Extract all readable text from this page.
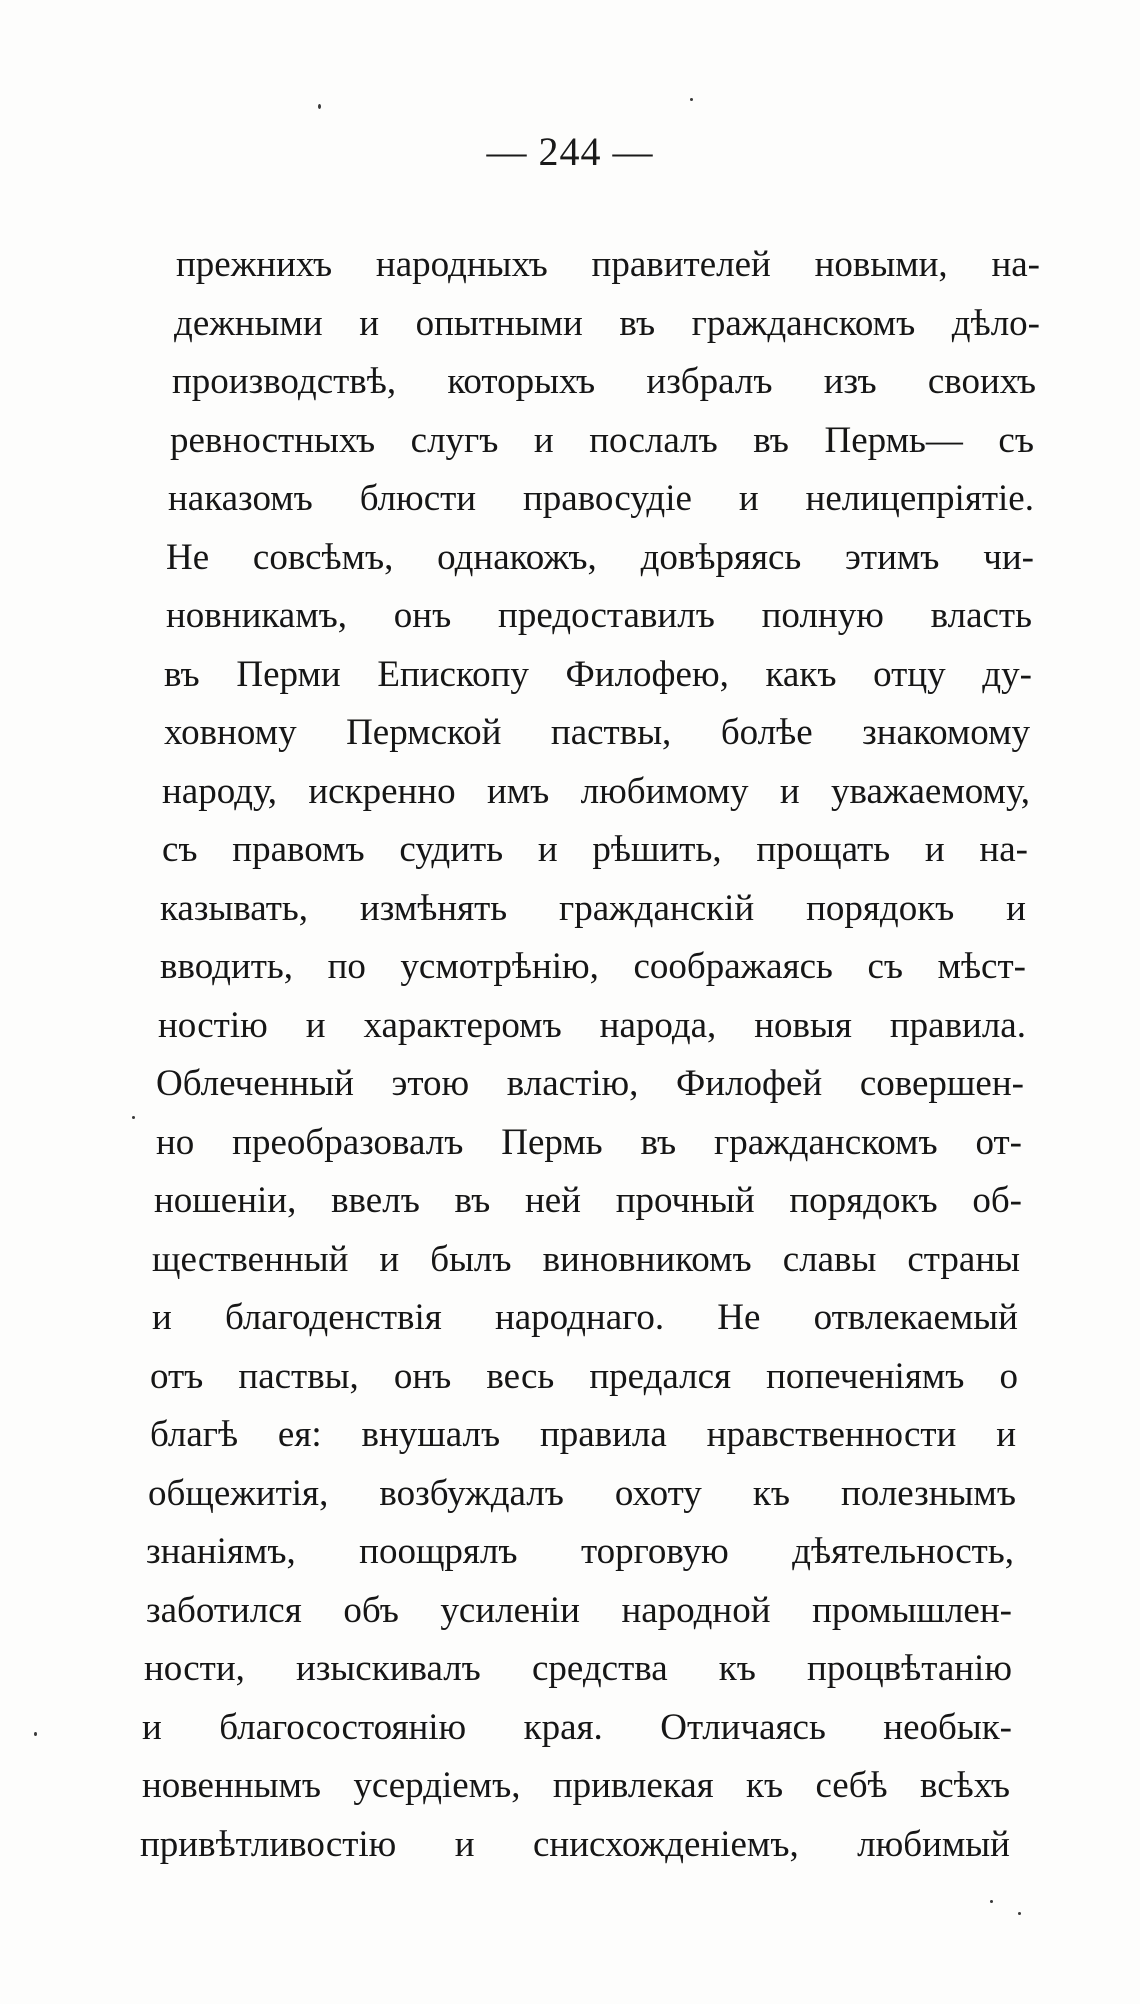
— 244 —
прежнихъ народныхъ правителей новыми, на-
дежными и опытными въ гражданскомъ дѣло-
производствѣ, которыхъ избралъ изъ своихъ
ревностныхъ слугъ и послалъ въ Пермь— съ
наказомъ блюсти правосудіе и нелицепріятіе.
Не совсѣмъ, однакожъ, довѣряясь этимъ чи-
новникамъ, онъ предоставилъ полную власть
въ Перми Епископу Филофею, какъ отцу ду-
ховному Пермской паствы, болѣе знакомому
народу, искренно имъ любимому и уважаемому,
съ правомъ судить и рѣшить, прощать и на-
казывать, измѣнять гражданскій порядокъ и
вводить, по усмотрѣнію, соображаясь съ мѣст-
ностію и характеромъ народа, новыя правила.
Облеченный этою властію, Филофей совершен-
но преобразовалъ Пермь въ гражданскомъ от-
ношеніи, ввелъ въ ней прочный порядокъ об-
щественный и былъ виновникомъ славы страны
и благоденствія народнаго. Не отвлекаемый
отъ паствы, онъ весь предался попеченіямъ о
благѣ ея: внушалъ правила нравственности и
общежитія, возбуждалъ охоту къ полезнымъ
знаніямъ, поощрялъ торговую дѣятельность,
заботился объ усиленіи народной промышлен-
ности, изыскивалъ средства къ процвѣтанію
и благосостоянію края. Отличаясь необык-
новеннымъ усердіемъ, привлекая къ себѣ всѣхъ
привѣтливостію и снисхожденіемъ, любимый
